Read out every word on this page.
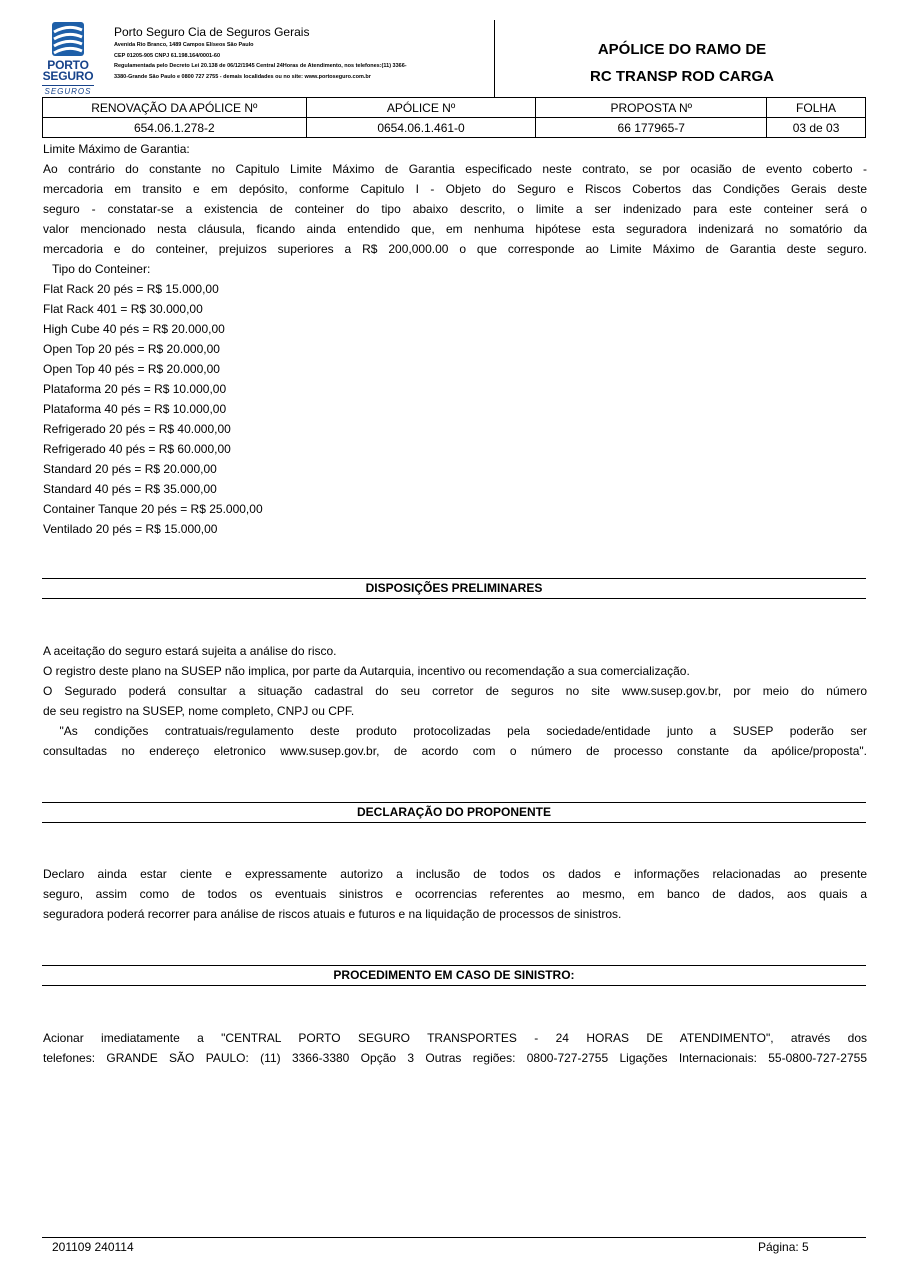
PORTO
SEGURO
SEGUROS
Porto Seguro Cia de Seguros Gerais
Avenida Rio Branco, 1489 Campos Elíseos São Paulo
CEP 01205-905 CNPJ 61.198.164/0001-60
Regulamentada pelo Decreto Lei 20.138 de 06/12/1945 Central 24Horas de Atendimento, nos telefones:(11) 3366-
3380-Grande São Paulo e 0800 727 2755 - demais localidades ou no site: www.portoseguro.com.br
APÓLICE DO RAMO DE
RC TRANSP ROD CARGA
RENOVAÇÃO DA APÓLICE Nº	APÓLICE Nº	PROPOSTA Nº	FOLHA
654.06.1.278-2	0654.06.1.461-0	66 177965-7	03 de 03
Limite Máximo de Garantia:
Ao contrário do constante no Capitulo Limite Máximo de Garantia especificado neste contrato, se por ocasião de evento coberto -
mercadoria em transito e em depósito, conforme Capitulo I - Objeto do Seguro e Riscos Cobertos das Condições Gerais deste
seguro - constatar-se a existencia de conteiner do tipo abaixo descrito, o limite a ser indenizado para este conteiner será o
valor mencionado nesta cláusula, ficando ainda entendido que, em nenhuma hipótese esta seguradora indenizará no somatório da
mercadoria e do conteiner, prejuizos superiores a R$ 200,000.00 o que corresponde ao Limite Máximo de Garantia deste seguro.
Tipo do Conteiner:
Flat Rack 20 pés = R$ 15.000,00
Flat Rack 401 = R$ 30.000,00
High Cube 40 pés = R$ 20.000,00
Open Top 20 pés = R$ 20.000,00
Open Top 40 pés = R$ 20.000,00
Plataforma 20 pés = R$ 10.000,00
Plataforma 40 pés = R$ 10.000,00
Refrigerado 20 pés = R$ 40.000,00
Refrigerado 40 pés = R$ 60.000,00
Standard 20 pés = R$ 20.000,00
Standard 40 pés = R$ 35.000,00
Container Tanque 20 pés = R$ 25.000,00
Ventilado 20 pés = R$ 15.000,00
DISPOSIÇÕES PRELIMINARES
A aceitação do seguro estará sujeita a análise do risco.
O registro deste plano na SUSEP não implica, por parte da Autarquia, incentivo ou recomendação a sua comercialização.
O Segurado poderá consultar a situação cadastral do seu corretor de seguros no site www.susep.gov.br, por meio do número
de seu registro na SUSEP, nome completo, CNPJ ou CPF.
"As condições contratuais/regulamento deste produto protocolizadas pela sociedade/entidade junto a SUSEP poderão ser
consultadas no endereço eletronico www.susep.gov.br, de acordo com o número de processo constante da apólice/proposta".
DECLARAÇÃO DO PROPONENTE
Declaro ainda estar ciente e expressamente autorizo a inclusão de todos os dados e informações relacionadas ao presente
seguro, assim como de todos os eventuais sinistros e ocorrencias referentes ao mesmo, em banco de dados, aos quais a
seguradora poderá recorrer para análise de riscos atuais e futuros e na liquidação de processos de sinistros.
PROCEDIMENTO EM CASO DE SINISTRO:
Acionar imediatamente a "CENTRAL PORTO SEGURO TRANSPORTES - 24 HORAS DE ATENDIMENTO", através dos
telefones: GRANDE SÃO PAULO: (11) 3366-3380 Opção 3 Outras regiões: 0800-727-2755 Ligações Internacionais: 55-0800-727-2755
201109 240114	Página: 5
